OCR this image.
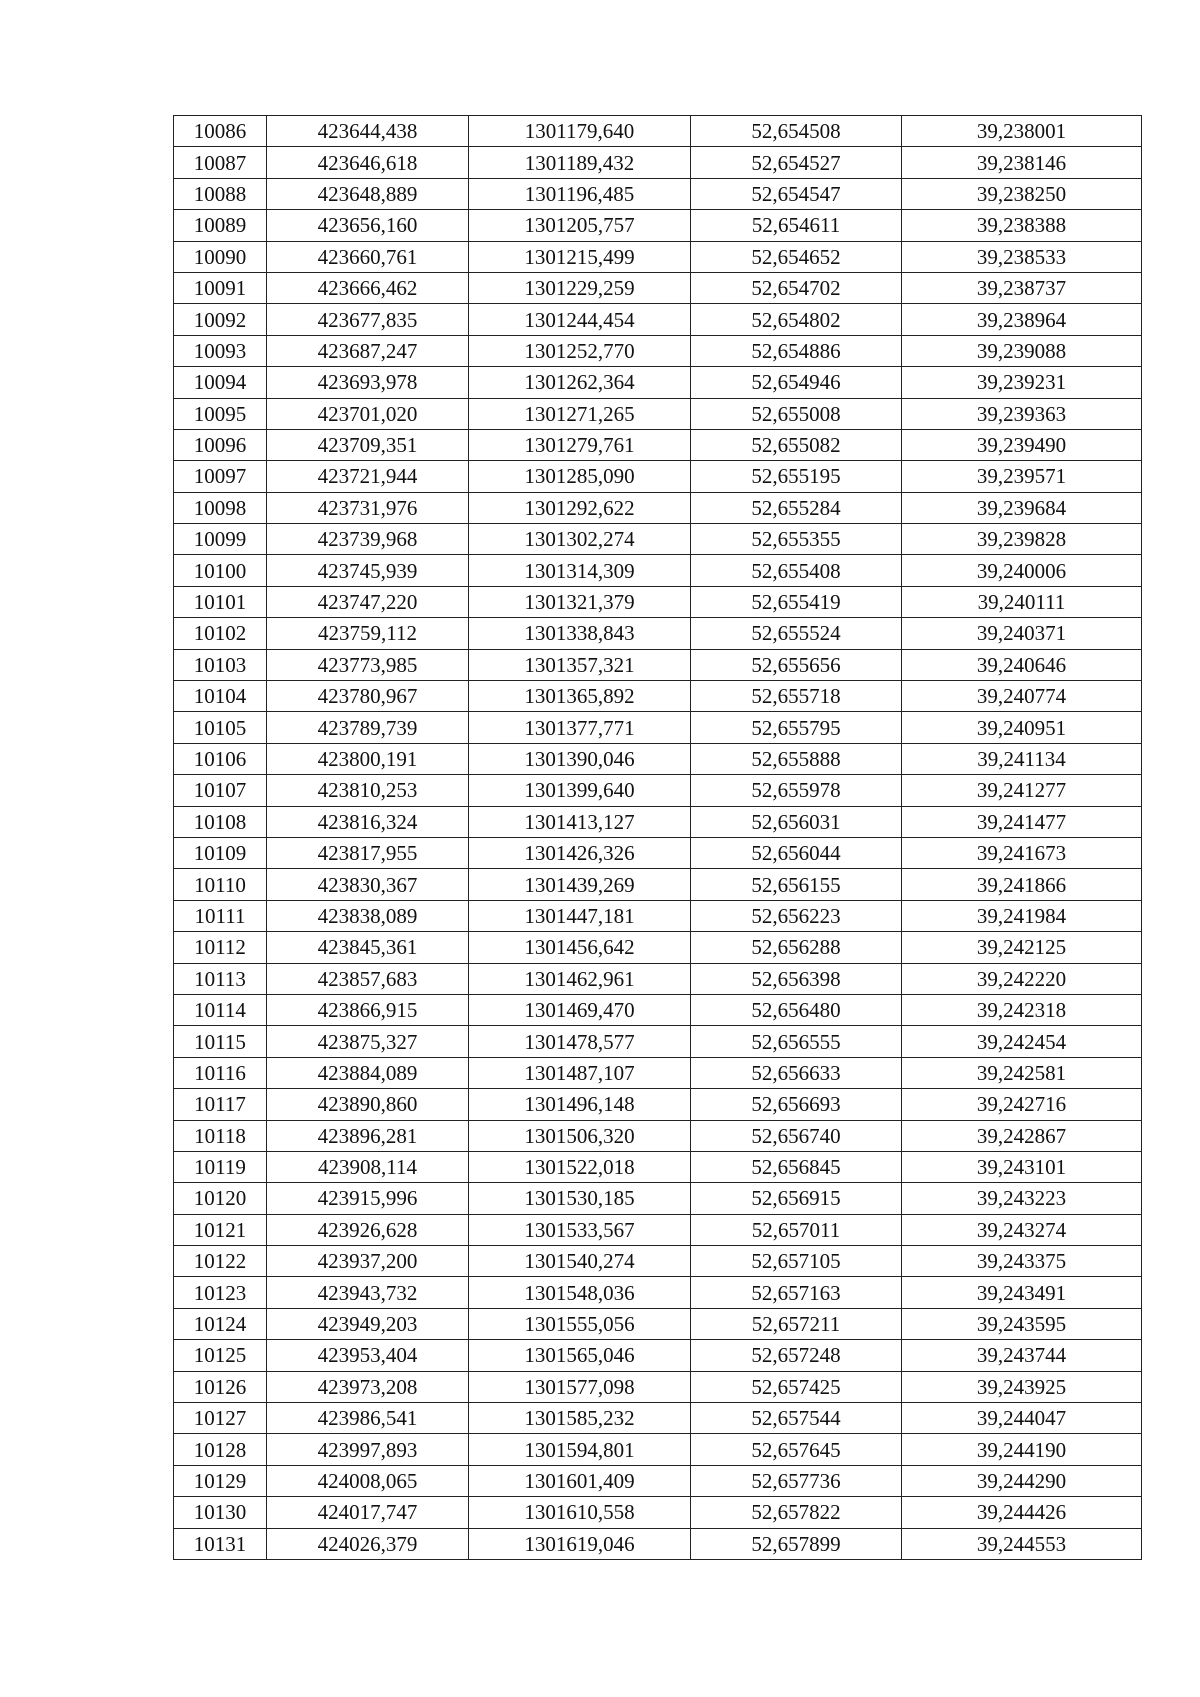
10086	423644,438	1301179,640	52,654508	39,238001
10087	423646,618	1301189,432	52,654527	39,238146
10088	423648,889	1301196,485	52,654547	39,238250
10089	423656,160	1301205,757	52,654611	39,238388
10090	423660,761	1301215,499	52,654652	39,238533
10091	423666,462	1301229,259	52,654702	39,238737
10092	423677,835	1301244,454	52,654802	39,238964
10093	423687,247	1301252,770	52,654886	39,239088
10094	423693,978	1301262,364	52,654946	39,239231
10095	423701,020	1301271,265	52,655008	39,239363
10096	423709,351	1301279,761	52,655082	39,239490
10097	423721,944	1301285,090	52,655195	39,239571
10098	423731,976	1301292,622	52,655284	39,239684
10099	423739,968	1301302,274	52,655355	39,239828
10100	423745,939	1301314,309	52,655408	39,240006
10101	423747,220	1301321,379	52,655419	39,240111
10102	423759,112	1301338,843	52,655524	39,240371
10103	423773,985	1301357,321	52,655656	39,240646
10104	423780,967	1301365,892	52,655718	39,240774
10105	423789,739	1301377,771	52,655795	39,240951
10106	423800,191	1301390,046	52,655888	39,241134
10107	423810,253	1301399,640	52,655978	39,241277
10108	423816,324	1301413,127	52,656031	39,241477
10109	423817,955	1301426,326	52,656044	39,241673
10110	423830,367	1301439,269	52,656155	39,241866
10111	423838,089	1301447,181	52,656223	39,241984
10112	423845,361	1301456,642	52,656288	39,242125
10113	423857,683	1301462,961	52,656398	39,242220
10114	423866,915	1301469,470	52,656480	39,242318
10115	423875,327	1301478,577	52,656555	39,242454
10116	423884,089	1301487,107	52,656633	39,242581
10117	423890,860	1301496,148	52,656693	39,242716
10118	423896,281	1301506,320	52,656740	39,242867
10119	423908,114	1301522,018	52,656845	39,243101
10120	423915,996	1301530,185	52,656915	39,243223
10121	423926,628	1301533,567	52,657011	39,243274
10122	423937,200	1301540,274	52,657105	39,243375
10123	423943,732	1301548,036	52,657163	39,243491
10124	423949,203	1301555,056	52,657211	39,243595
10125	423953,404	1301565,046	52,657248	39,243744
10126	423973,208	1301577,098	52,657425	39,243925
10127	423986,541	1301585,232	52,657544	39,244047
10128	423997,893	1301594,801	52,657645	39,244190
10129	424008,065	1301601,409	52,657736	39,244290
10130	424017,747	1301610,558	52,657822	39,244426
10131	424026,379	1301619,046	52,657899	39,244553
